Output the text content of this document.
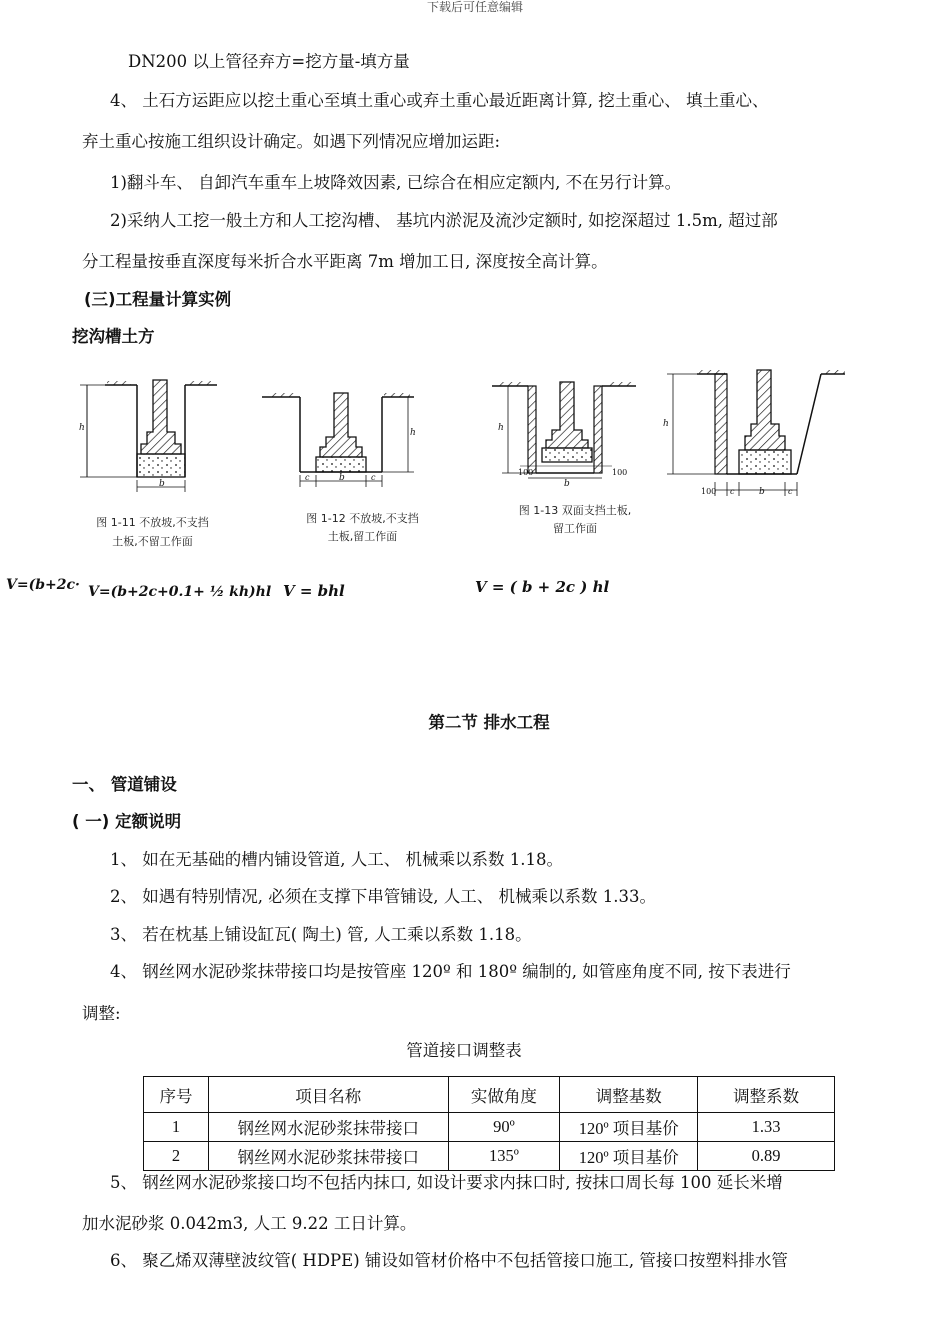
下载后可任意编辑
DN200 以上管径弃方=挖方量-填方量
4、 土石方运距应以挖土重心至填土重心或弃土重心最近距离计算, 挖土重心、 填土重心、
弃土重心按施工组织设计确定。如遇下列情况应增加运距:
1)翻斗车、 自卸汽车重车上坡降效因素, 已综合在相应定额内, 不在另行计算。
2)采纳人工挖一般土方和人工挖沟槽、 基坑内淤泥及流沙定额时, 如挖深超过 1.5m, 超过部
分工程量按垂直深度每米折合水平距离 7m 增加工日, 深度按全高计算。
(三)工程量计算实例
挖沟槽土方
h
b
图 1-11 不放坡,不支挡
土板,不留工作面
h
c	b	c
图 1-12 不放坡,不支挡
土板,留工作面
h
100	100
b
图 1-13 双面支挡土板,
留工作面
h
100 c	b	c
V=(b+2c· V=(b+2c+0.1+ ½ kh)hl V = bhl	V = ( b + 2c ) hl
第二节 排水工程
一、 管道铺设
( 一) 定额说明
1、 如在无基础的槽内铺设管道, 人工、 机械乘以系数 1.18。
2、 如遇有特别情况, 必须在支撑下串管铺设, 人工、 机械乘以系数 1.33。
3、 若在枕基上铺设缸瓦( 陶土) 管, 人工乘以系数 1.18。
4、 钢丝网水泥砂浆抹带接口均是按管座 120º 和 180º 编制的, 如管座角度不同, 按下表进行
调整:
管道接口调整表
序号	项目名称	实做角度	调整基数	调整系数
1	钢丝网水泥砂浆抹带接口	90º	120º 项目基价	1.33
2	钢丝网水泥砂浆抹带接口	135º	120º 项目基价	0.89
5、 钢丝网水泥砂浆接口均不包括内抹口, 如设计要求内抹口时, 按抹口周长每 100 延长米增
加水泥砂浆 0.042m3, 人工 9.22 工日计算。
6、 聚乙烯双薄壁波纹管( HDPE) 铺设如管材价格中不包括管接口施工, 管接口按塑料排水管
